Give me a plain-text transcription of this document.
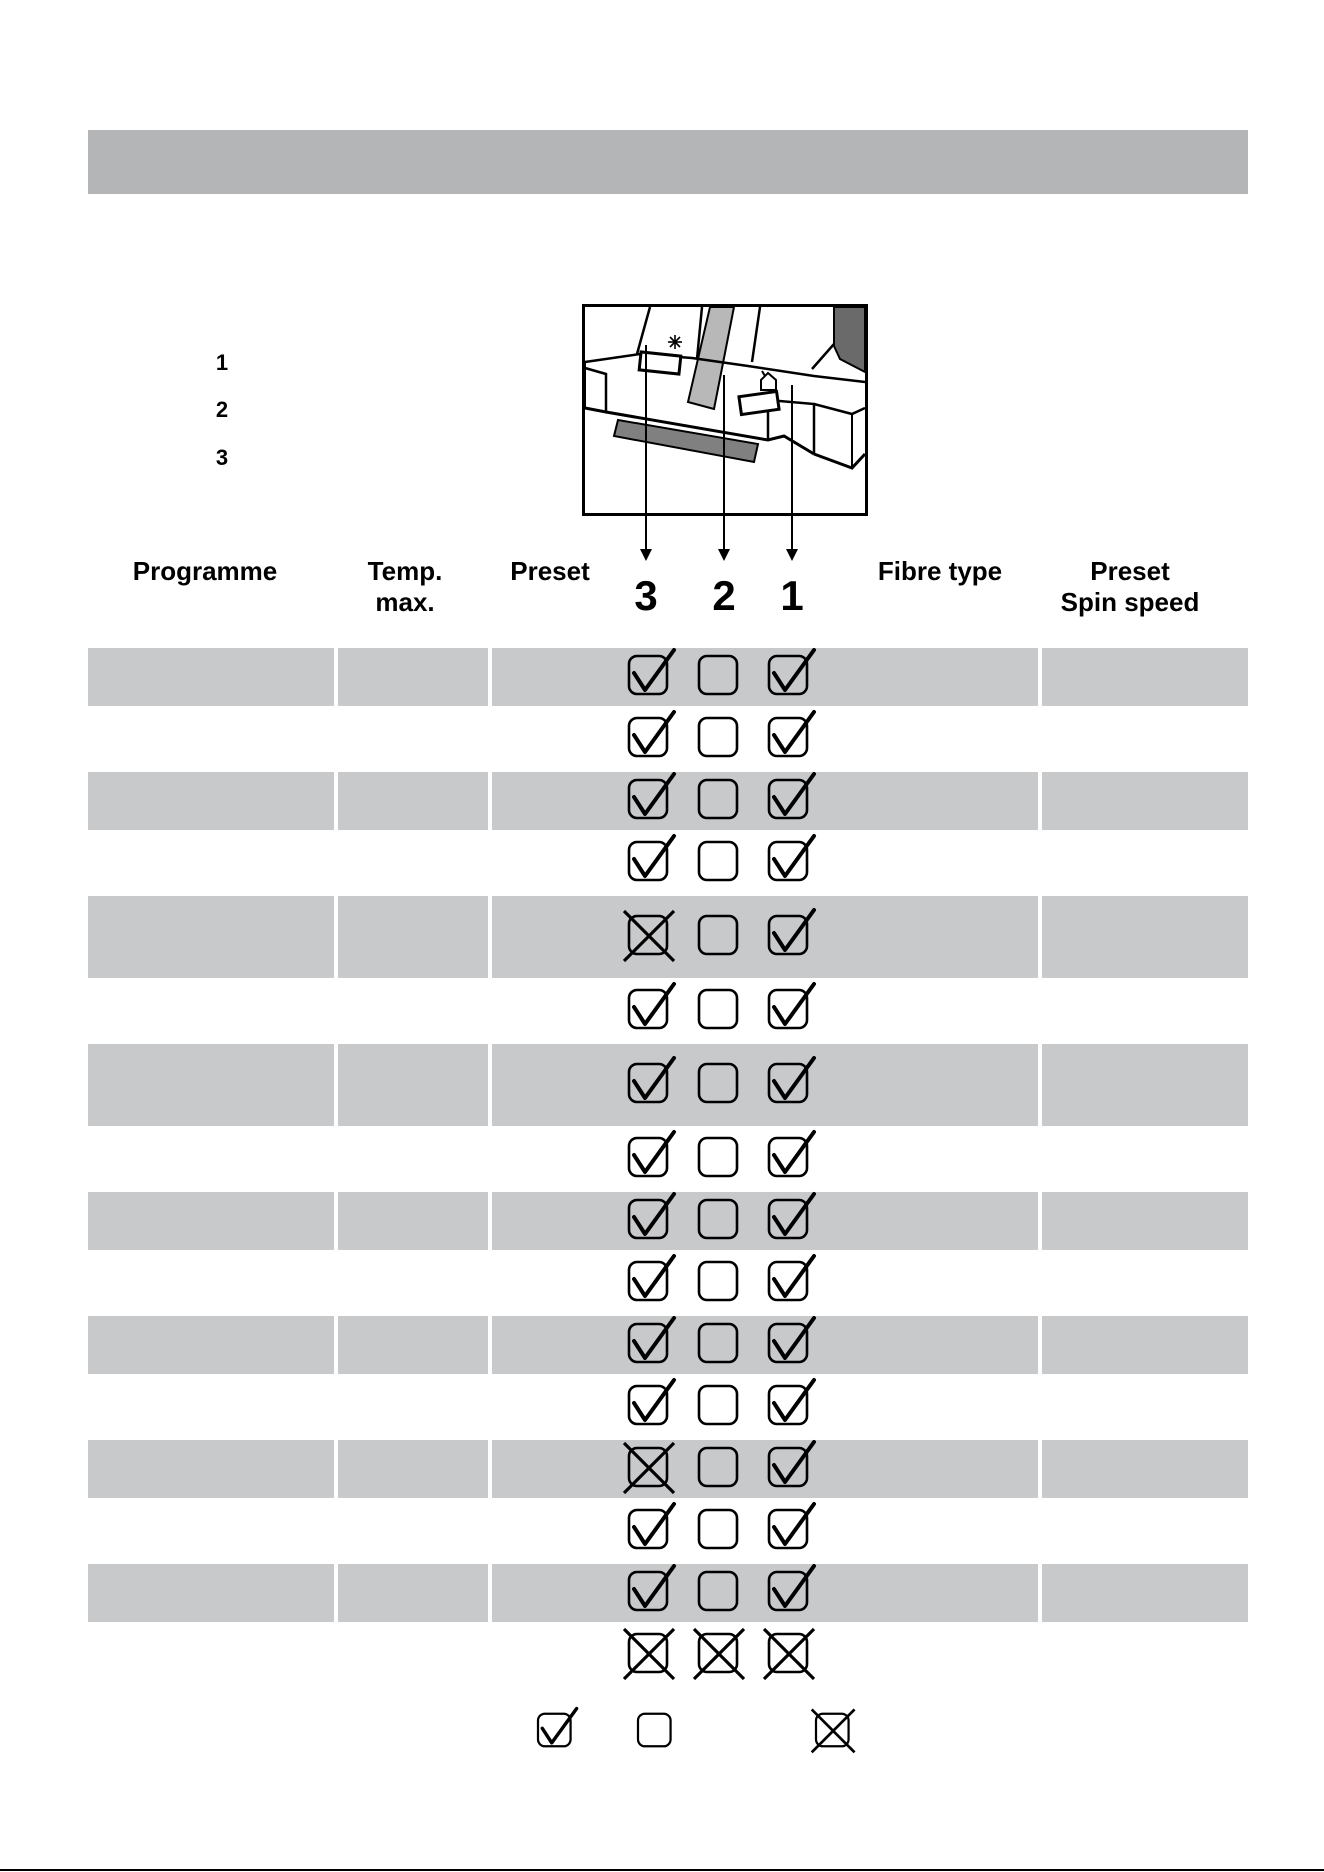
1
2
3
Programme	Temp.
max.
Preset
3 2 1
Fibre type	Preset
Spin speed
